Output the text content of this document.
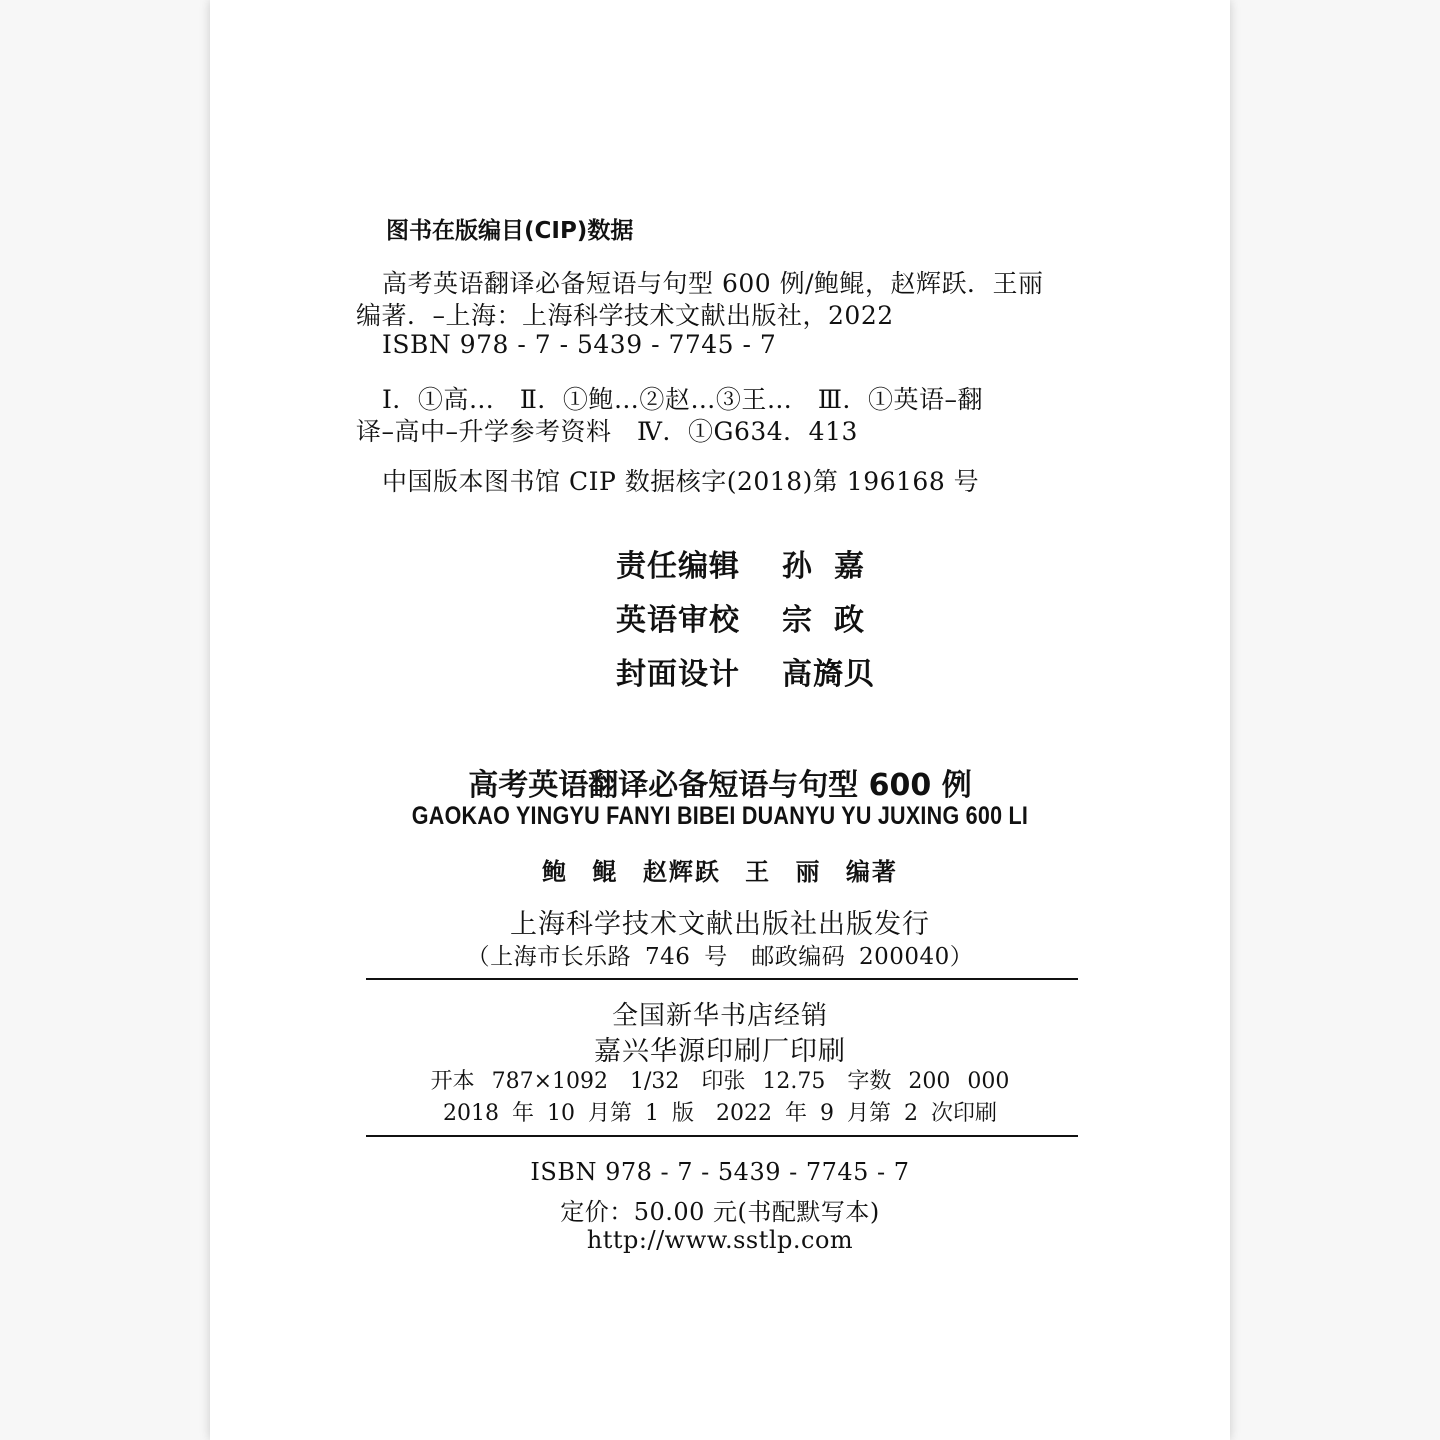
图书在版编目(CIP)数据
高考英语翻译必备短语与句型 600 例/鲍鲲，赵辉跃．王丽
编著．–上海：上海科学技术文献出版社，2022
ISBN 978 - 7 - 5439 - 7745 - 7
Ⅰ．①高…　Ⅱ．①鲍…②赵…③王…　Ⅲ．①英语–翻
译–高中–升学参考资料　Ⅳ．①G634．413
中国版本图书馆 CIP 数据核字(2018)第 196168 号
责任编辑	孙嘉
英语审校	宗政
封面设计	高旖贝
高考英语翻译必备短语与句型 600 例
GAOKAO YINGYU FANYI BIBEI DUANYU YU JUXING 600 LI
鲍 鲲 赵辉跃 王 丽 编著
上海科学技术文献出版社出版发行
（上海市长乐路 746 号　邮政编码 200040）
全国新华书店经销
嘉兴华源印刷厂印刷
开本 787×1092　1/32　印张 12.75　字数 200 000
2018 年 10 月第 1 版　2022 年 9 月第 2 次印刷
ISBN 978 - 7 - 5439 - 7745 - 7
定价：50.00 元(书配默写本)
http://www.sstlp.com
